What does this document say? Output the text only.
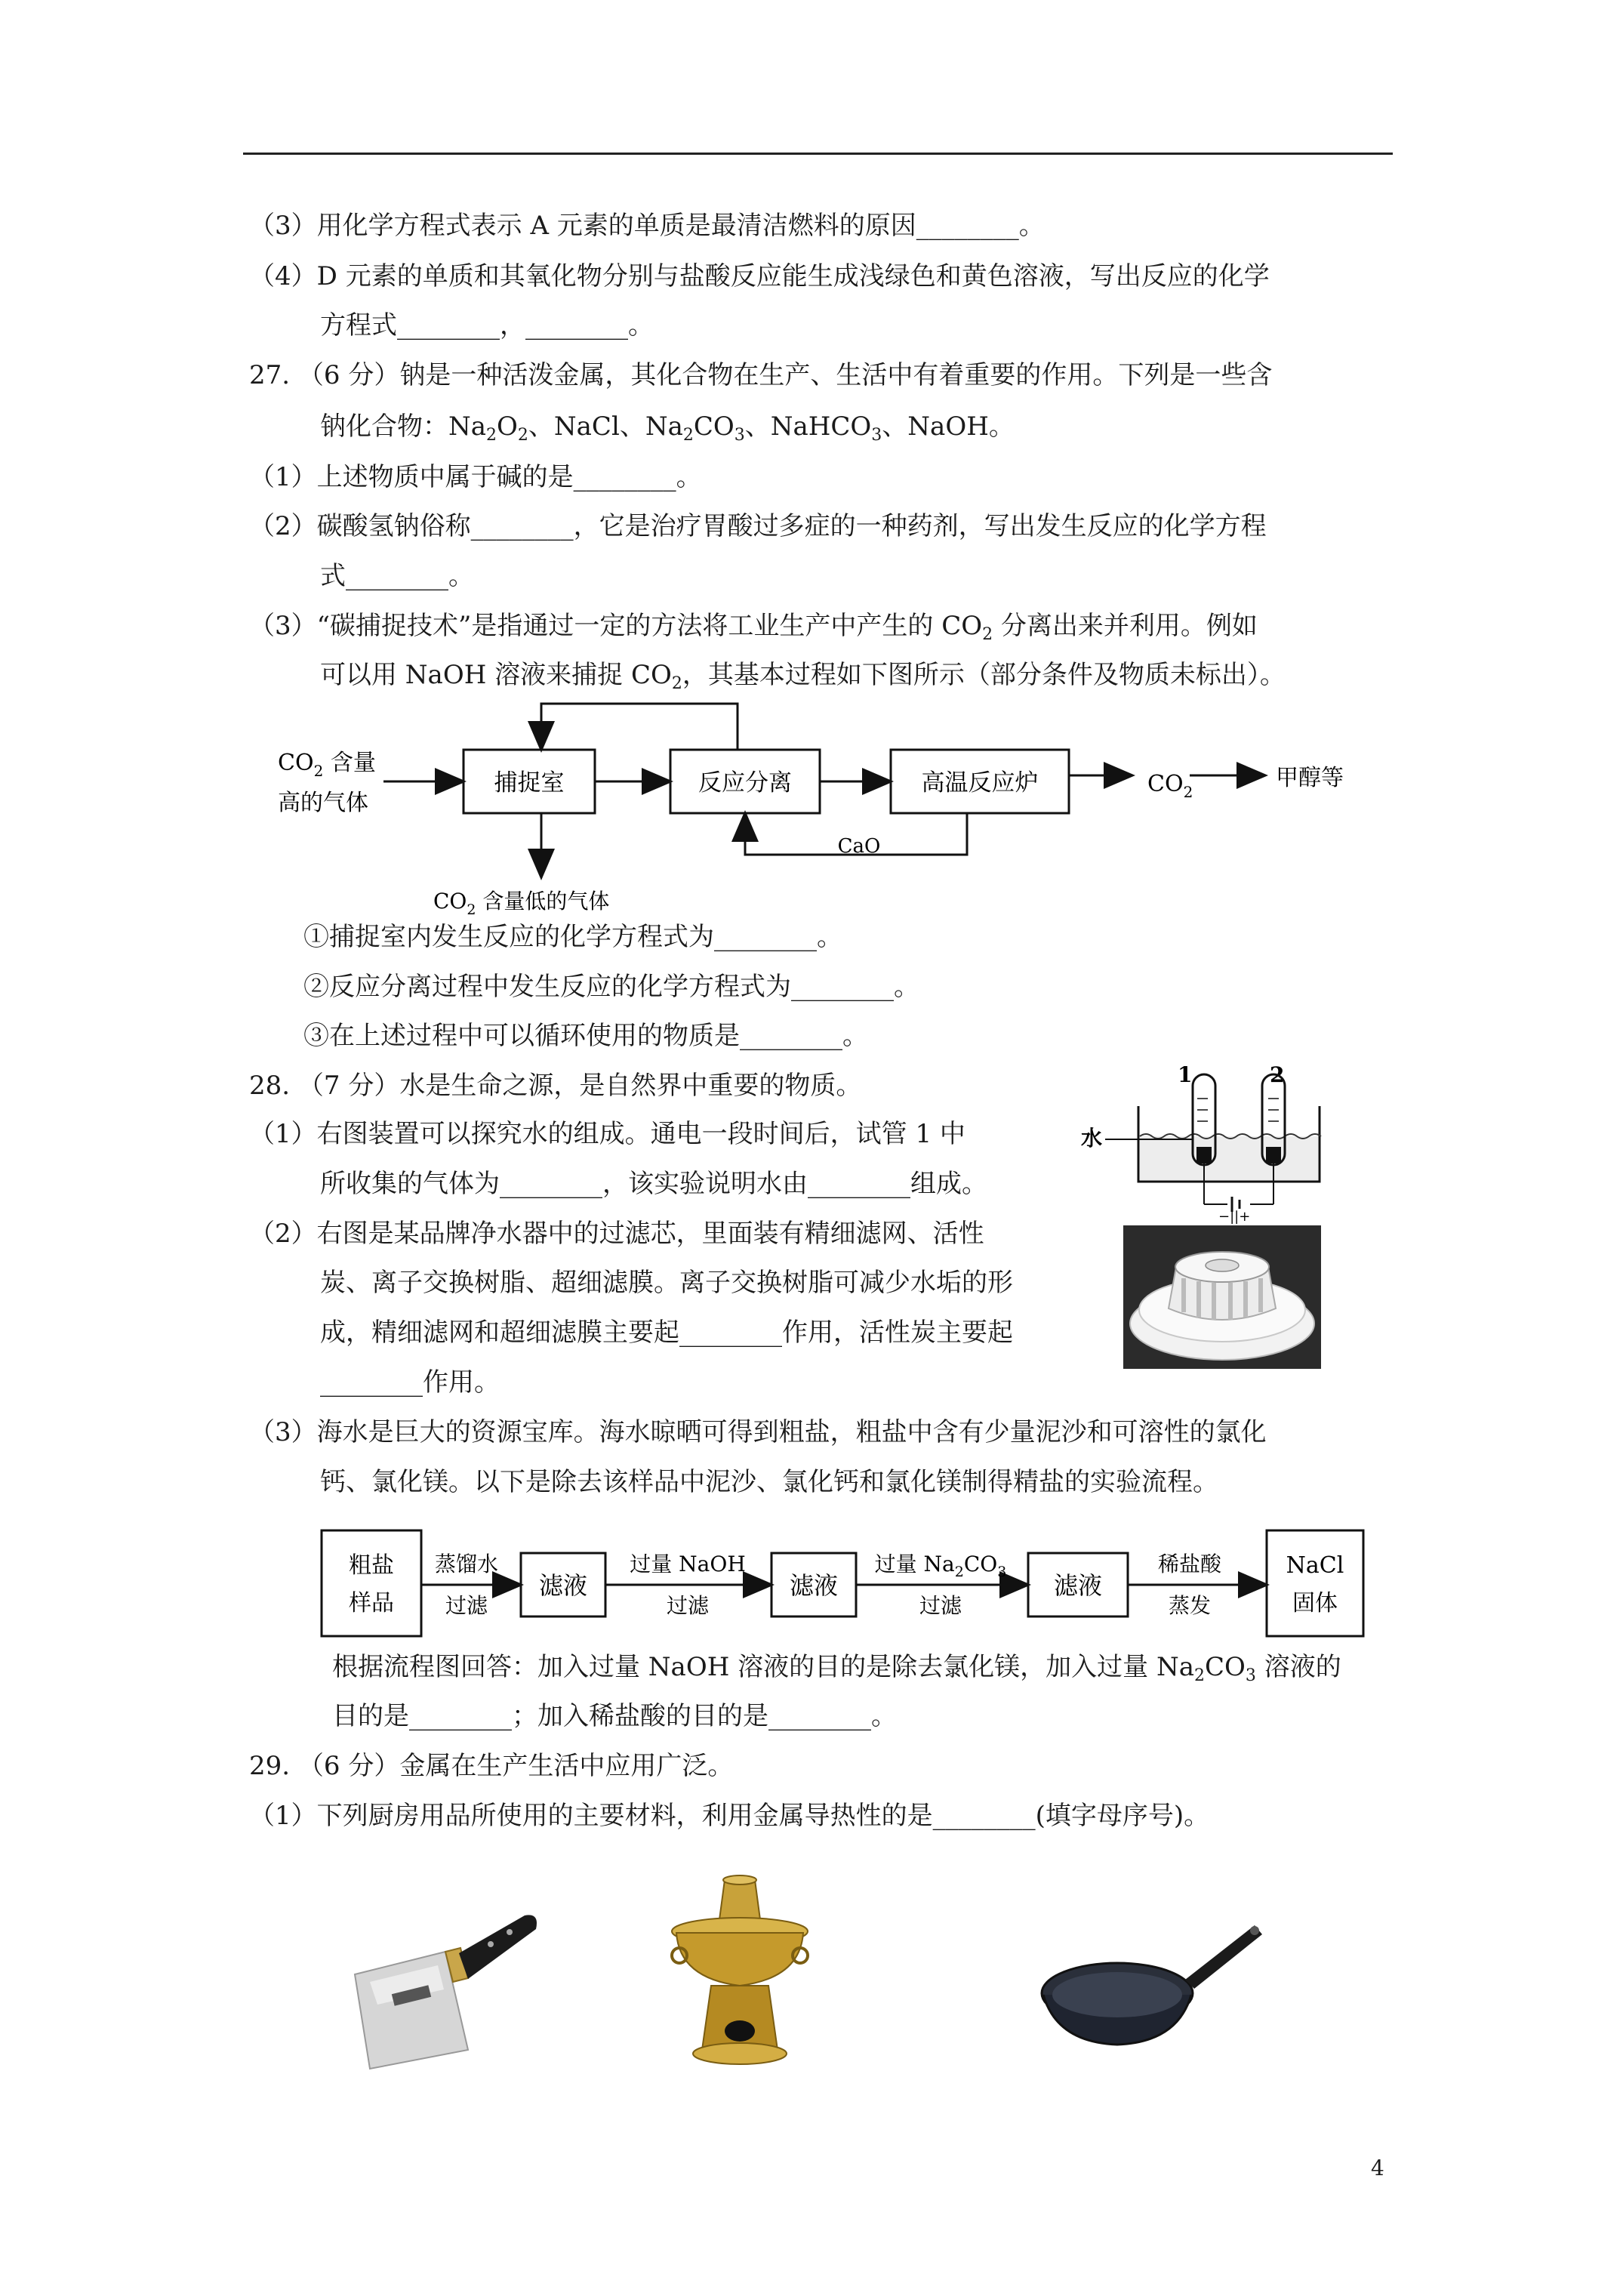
（3）用化学方程式表示 A 元素的单质是最清洁燃料的原因________。
（4）D 元素的单质和其氧化物分别与盐酸反应能生成浅绿色和黄色溶液，写出反应的化学
方程式________，________。
27. （6 分）钠是一种活泼金属，其化合物在生产、生活中有着重要的作用。下列是一些含
钠化合物：$Na_2O_2$、NaCl、$Na_2CO_3$、NaHCO$_3$、NaOH。
（1）上述物质中属于碱的是________。
（2）碳酸氢钠俗称________，它是治疗胃酸过多症的一种药剂，写出发生反应的化学方程
式________。
（3）“碳捕捉技术”是指通过一定的方法将工业生产中产生的 $CO_2$ 分离出来并利用。例如
可以用 NaOH 溶液来捕捉 $CO_2$，其基本过程如下图所示（部分条件及物质未标出）。
$CO_2$ 含量
高的气体
捕捉室	反应分离	高温反应炉	$CO_2$
甲醇等
CaO
$CO_2$ 含量低的气体
①捕捉室内发生反应的化学方程式为________。
②反应分离过程中发生反应的化学方程式为________。
③在上述过程中可以循环使用的物质是________。
28. （7 分）水是生命之源，是自然界中重要的物质。
（1）右图装置可以探究水的组成。通电一段时间后，试管 1 中
所收集的气体为________，该实验说明水由________组成。
（2）右图是某品牌净水器中的过滤芯，里面装有精细滤网、活性
炭、离子交换树脂、超细滤膜。离子交换树脂可减少水垢的形
成，精细滤网和超细滤膜主要起________作用，活性炭主要起
________作用。
1	2
−||+
水
（3）海水是巨大的资源宝库。海水晾晒可得到粗盐，粗盐中含有少量泥沙和可溶性的氯化
钙、氯化镁。以下是除去该样品中泥沙、氯化钙和氯化镁制得精盐的实验流程。
粗盐
样品
蒸馏水
过滤
滤液
过量 NaOH
过滤
滤液
过量 $Na_2CO_3$
过滤
滤液
稀盐酸
蒸发
NaCl
固体
根据流程图回答：加入过量 NaOH 溶液的目的是除去氯化镁，加入过量 $Na_2CO_3$ 溶液的
目的是________；加入稀盐酸的目的是________。
29. （6 分）金属在生产生活中应用广泛。
（1）下列厨房用品所使用的主要材料，利用金属导热性的是________(填字母序号)。
4
